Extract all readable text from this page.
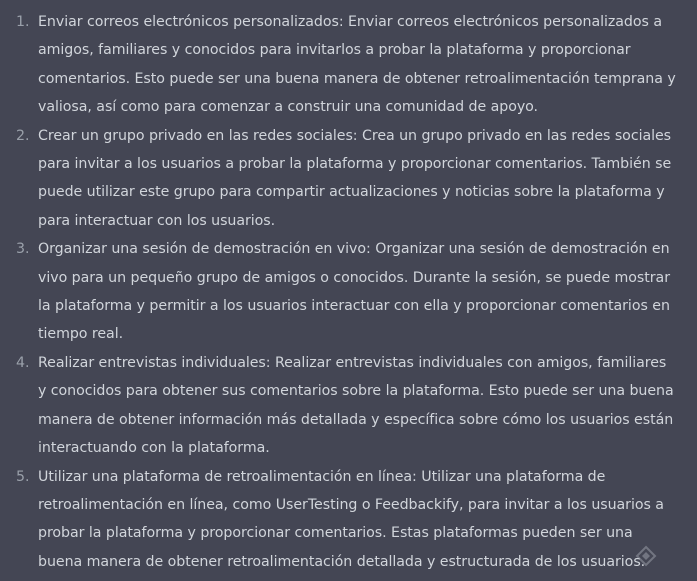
1. Enviar correos electrónicos personalizados: Enviar correos electrónicos personalizados a amigos, familiares y conocidos para invitarlos a probar la plataforma y proporcionar comentarios. Esto puede ser una buena manera de obtener retroalimentación temprana y valiosa, así como para comenzar a construir una comunidad de apoyo.
2. Crear un grupo privado en las redes sociales: Crea un grupo privado en las redes sociales para invitar a los usuarios a probar la plataforma y proporcionar comentarios. También se puede utilizar este grupo para compartir actualizaciones y noticias sobre la plataforma y para interactuar con los usuarios.
3. Organizar una sesión de demostración en vivo: Organizar una sesión de demostración en vivo para un pequeño grupo de amigos o conocidos. Durante la sesión, se puede mostrar la plataforma y permitir a los usuarios interactuar con ella y proporcionar comentarios en tiempo real.
4. Realizar entrevistas individuales: Realizar entrevistas individuales con amigos, familiares y conocidos para obtener sus comentarios sobre la plataforma. Esto puede ser una buena manera de obtener información más detallada y específica sobre cómo los usuarios están interactuando con la plataforma.
5. Utilizar una plataforma de retroalimentación en línea: Utilizar una plataforma de retroalimentación en línea, como UserTesting o Feedbackify, para invitar a los usuarios a probar la plataforma y proporcionar comentarios. Estas plataformas pueden ser una buena manera de obtener retroalimentación detallada y estructurada de los usuarios.
